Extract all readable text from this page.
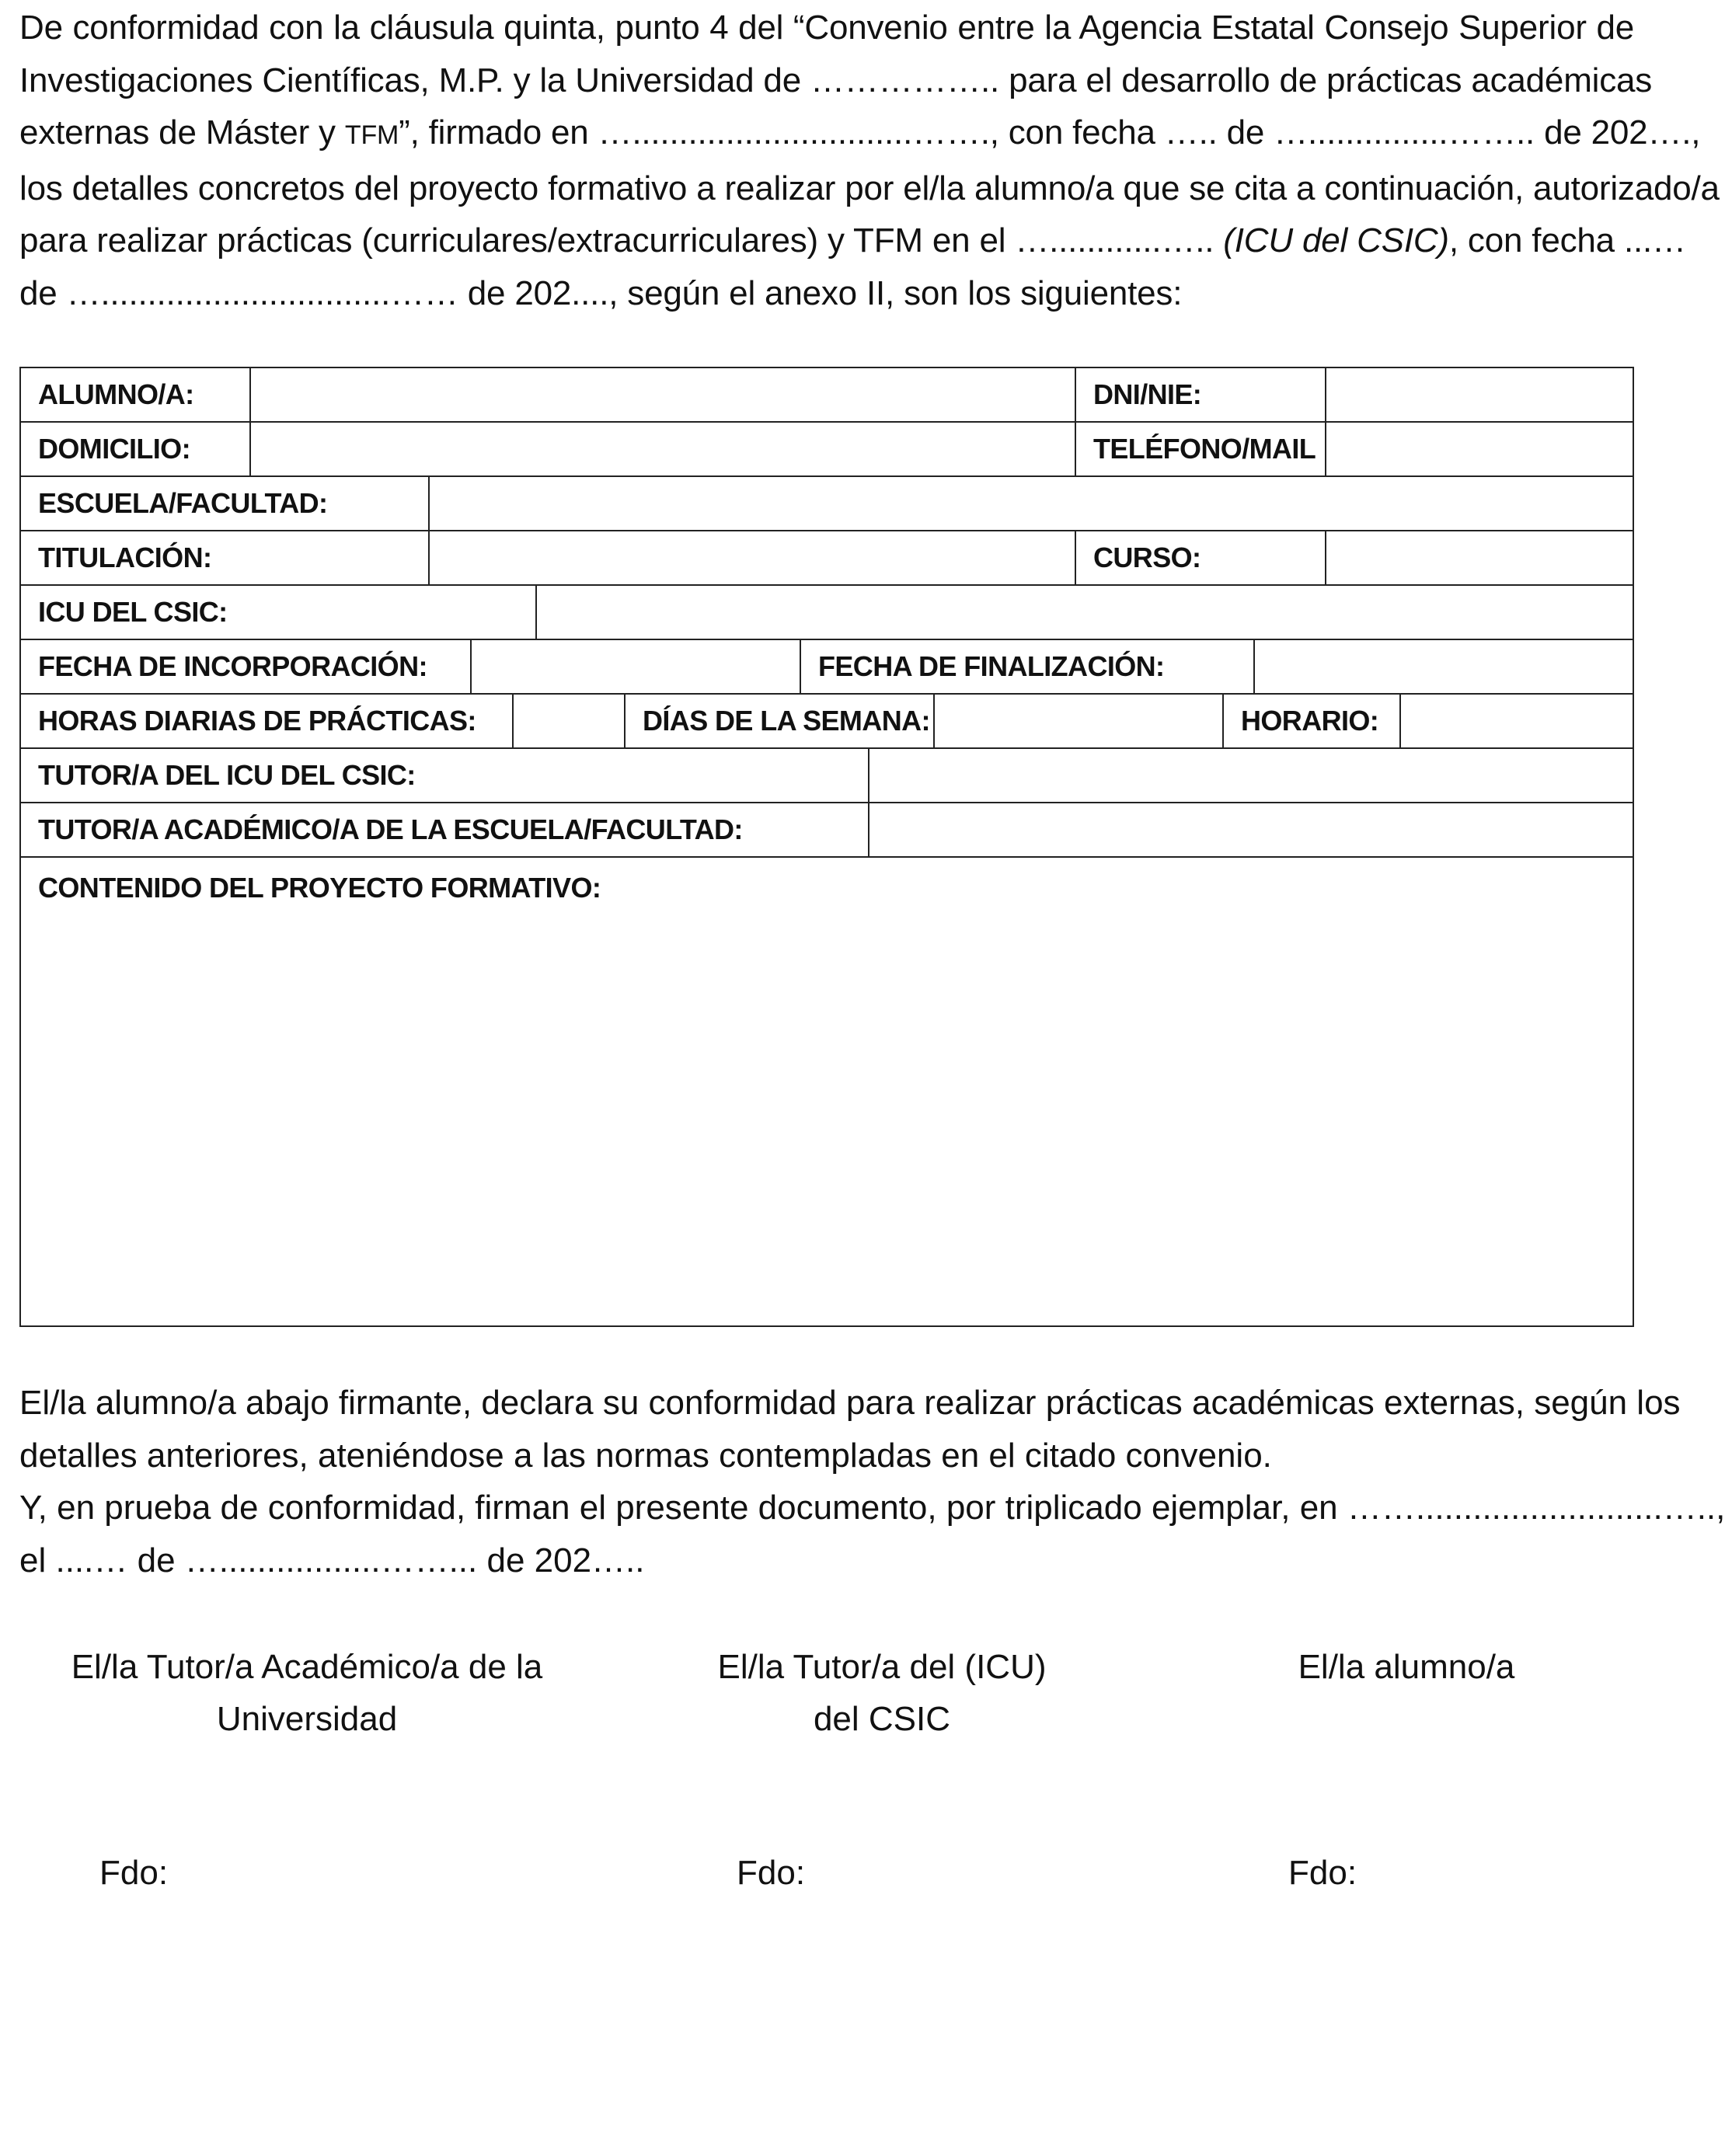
De conformidad con la cláusula quinta, punto 4 del “Convenio entre la Agencia Estatal Consejo Superior de
Investigaciones Científicas, M.P. y la Universidad de …………….. para el desarrollo de prácticas académicas
externas de Máster y TFM”, firmado en …..............................……., con fecha ….. de …...............…….. de 202….,
los detalles concretos del proyecto formativo a realizar por el/la alumno/a que se cita a continuación, autorizado/a
para realizar prácticas (curriculares/extracurriculares) y TFM en el …............….. (ICU del CSIC), con fecha ...…
de …...............................…… de 202...., según el anexo II, son los siguientes:
ALUMNO/A:	DNI/NIE:
DOMICILIO:	TELÉFONO/MAIL
ESCUELA/FACULTAD:
TITULACIÓN:	CURSO:
ICU DEL CSIC:
FECHA DE INCORPORACIÓN:	FECHA DE FINALIZACIÓN:
HORAS DIARIAS DE PRÁCTICAS:	DÍAS DE LA SEMANA:	HORARIO:
TUTOR/A DEL ICU DEL CSIC:
TUTOR/A ACADÉMICO/A DE LA ESCUELA/FACULTAD:
CONTENIDO DEL PROYECTO FORMATIVO:
El/la alumno/a abajo firmante, declara su conformidad para realizar prácticas académicas externas, según los
detalles anteriores, ateniéndose a las normas contempladas en el citado convenio.
Y, en prueba de conformidad, firman el presente documento, por triplicado ejemplar, en ……..........................…..,
el ....… de ….................……... de 202…..
El/la Tutor/a Académico/a de la
Universidad
El/la Tutor/a del (ICU)
del CSIC
El/la alumno/a
Fdo:	Fdo:	Fdo:
